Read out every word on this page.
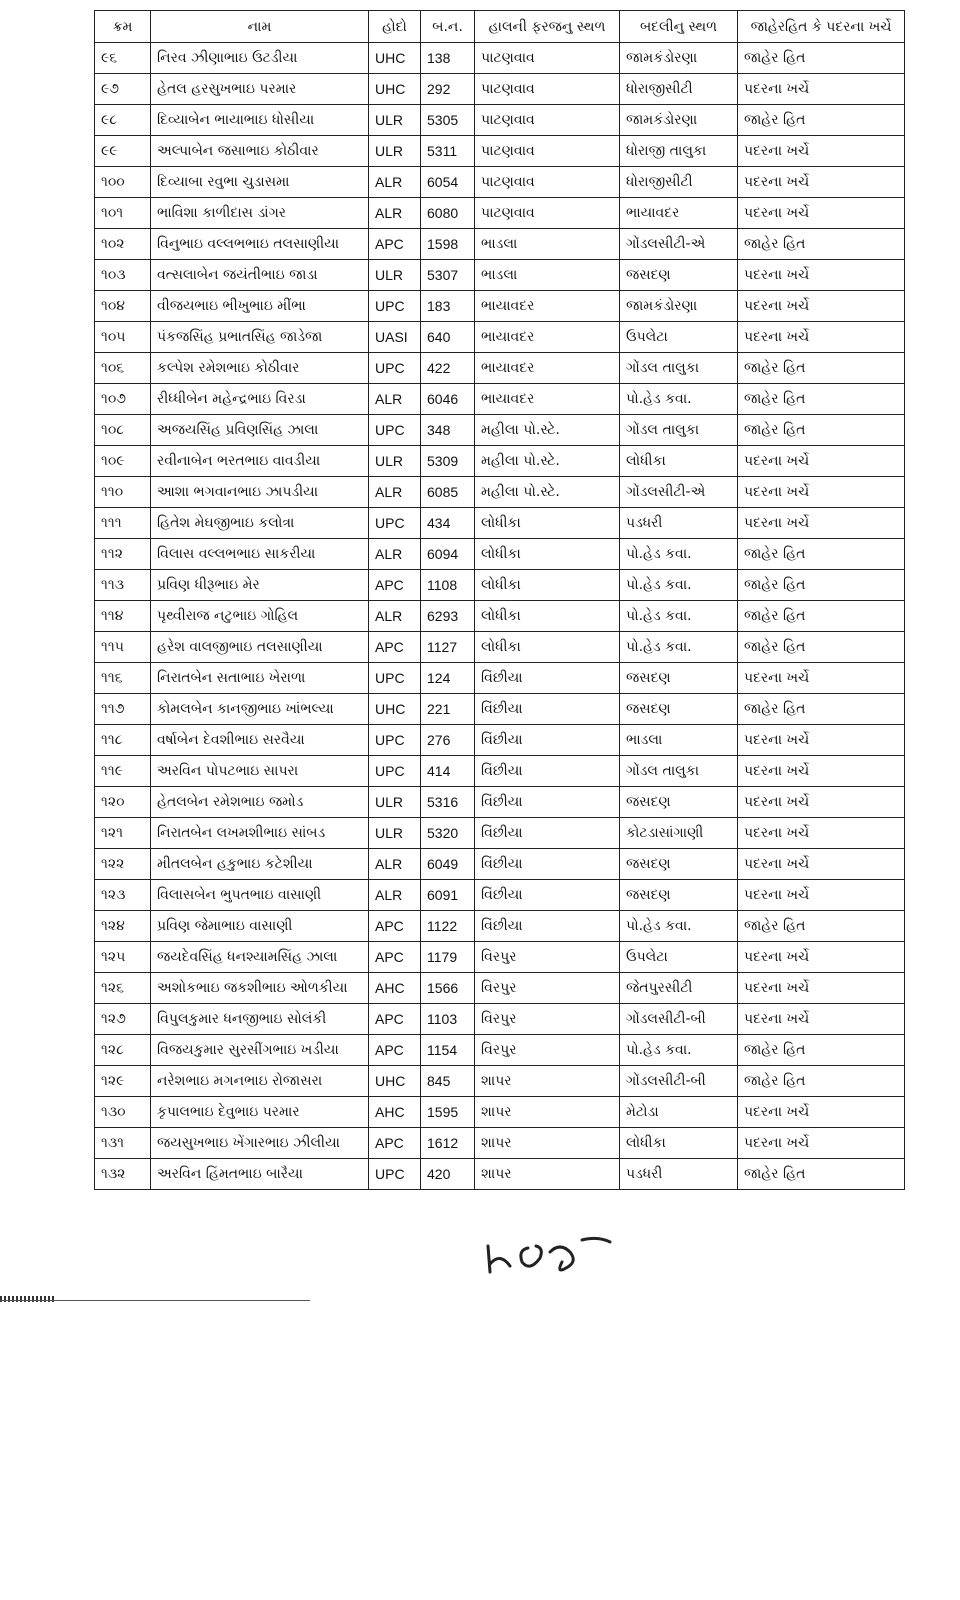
ક્રમ	નામ	હોદો	બ.ન.	હાલની ફરજનુ સ્થળ	બદલીનુ સ્થળ	જાહેરહિત કે પદરના ખર્ચે
૯૬	નિરવ ઝીણાભાઇ ઉટડીયા	UHC	138	પાટણવાવ	જામકંડોરણા	જાહેર હિત
૯૭	હેતલ હરસુખભાઇ પરમાર	UHC	292	પાટણવાવ	ધોરાજીસીટી	પદરના ખર્ચે
૯૮	દિવ્યાબેન ભાયાભાઇ ધોસીયા	ULR	5305	પાટણવાવ	જામકંડોરણા	જાહેર હિત
૯૯	અલ્પાબેન જસાભાઇ કોઠીવાર	ULR	5311	પાટણવાવ	ધોરાજી તાલુકા	પદરના ખર્ચે
૧૦૦	દિવ્યાબા રવુભા ચુડાસમા	ALR	6054	પાટણવાવ	ધોરાજીસીટી	પદરના ખર્ચે
૧૦૧	ભાવિશા કાળીદાસ ડાંગર	ALR	6080	પાટણવાવ	ભાયાવદર	પદરના ખર્ચે
૧૦૨	વિનુભાઇ વલ્લભભાઇ તલસાણીયા	APC	1598	ભાડલા	ગોંડલસીટી-એ	જાહેર હિત
૧૦૩	વત્સલાબેન જયંતીભાઇ જાડા	ULR	5307	ભાડલા	જસદણ	પદરના ખર્ચે
૧૦૪	વીજયભાઇ ભીખુભાઇ મીંભા	UPC	183	ભાયાવદર	જામકંડોરણા	પદરના ખર્ચે
૧૦૫	પંકજસિંહ પ્રભાતસિંહ જાડેજા	UASI	640	ભાયાવદર	ઉપલેટા	પદરના ખર્ચે
૧૦૬	કલ્પેશ રમેશભાઇ કોઠીવાર	UPC	422	ભાયાવદર	ગોંડલ તાલુકા	જાહેર હિત
૧૦૭	રીધ્ધીબેન મહેન્દ્રભાઇ વિરડા	ALR	6046	ભાયાવદર	પો.હેડ કવા.	જાહેર હિત
૧૦૮	અજયસિંહ પ્રવિણસિંહ ઝાલા	UPC	348	મહીલા પો.સ્ટે.	ગોંડલ તાલુકા	જાહેર હિત
૧૦૯	રવીનાબેન ભરતભાઇ વાવડીયા	ULR	5309	મહીલા પો.સ્ટે.	લોધીકા	પદરના ખર્ચે
૧૧૦	આશા ભગવાનભાઇ ઝાપડીયા	ALR	6085	મહીલા પો.સ્ટે.	ગોંડલસીટી-એ	પદરના ખર્ચે
૧૧૧	હિતેશ મેઘજીભાઇ કલોત્રા	UPC	434	લોધીકા	પડધરી	પદરના ખર્ચે
૧૧૨	વિલાસ વલ્લભભાઇ સાકરીયા	ALR	6094	લોધીકા	પો.હેડ કવા.	જાહેર હિત
૧૧૩	પ્રવિણ ધીરૂભાઇ મેર	APC	1108	લોધીકા	પો.હેડ કવા.	જાહેર હિત
૧૧૪	પૃથ્વીરાજ નટુભાઇ ગોહિલ	ALR	6293	લોધીકા	પો.હેડ કવા.	જાહેર હિત
૧૧૫	હરેશ વાલજીભાઇ તલસાણીયા	APC	1127	લોધીકા	પો.હેડ કવા.	જાહેર હિત
૧૧૬	નિરાતબેન સતાભાઇ ખેરાળા	UPC	124	વિંછીયા	જસદણ	પદરના ખર્ચે
૧૧૭	કોમલબેન કાનજીભાઇ ખાંભલ્યા	UHC	221	વિંછીયા	જસદણ	જાહેર હિત
૧૧૮	વર્ષાબેન દેવશીભાઇ સરવૈયા	UPC	276	વિંછીયા	ભાડલા	પદરના ખર્ચે
૧૧૯	અરવિન પોપટભાઇ સાપરા	UPC	414	વિંછીયા	ગોંડલ તાલુકા	પદરના ખર્ચે
૧૨૦	હેતલબેન રમેશભાઇ જમોડ	ULR	5316	વિંછીયા	જસદણ	પદરના ખર્ચે
૧૨૧	નિરાતબેન લખમશીભાઇ સાંબડ	ULR	5320	વિંછીયા	કોટડાસાંગાણી	પદરના ખર્ચે
૧૨૨	મીતલબેન હકુભાઇ કટેશીયા	ALR	6049	વિંછીયા	જસદણ	પદરના ખર્ચે
૧૨૩	વિલાસબેન ભુપતભાઇ વાસાણી	ALR	6091	વિંછીયા	જસદણ	પદરના ખર્ચે
૧૨૪	પ્રવિણ જેમાભાઇ વાસાણી	APC	1122	વિંછીયા	પો.હેડ કવા.	જાહેર હિત
૧૨૫	જયદેવસિંહ ધનશ્યામસિંહ ઝાલા	APC	1179	વિરપુર	ઉપલેટા	પદરના ખર્ચે
૧૨૬	અશોકભાઇ જકશીભાઇ ઓળકીયા	AHC	1566	વિરપુર	જેતપુરસીટી	પદરના ખર્ચે
૧૨૭	વિપુલકુમાર ધનજીભાઇ સોલંકી	APC	1103	વિરપુર	ગોંડલસીટી-બી	પદરના ખર્ચે
૧૨૮	વિજયકુમાર સુરસીંગભાઇ ખડીયા	APC	1154	વિરપુર	પો.હેડ કવા.	જાહેર હિત
૧૨૯	નરેશભાઇ મગનભાઇ રોજાસરા	UHC	845	શાપર	ગોંડલસીટી-બી	જાહેર હિત
૧૩૦	કૃપાલભાઇ દેવુભાઇ પરમાર	AHC	1595	શાપર	મેટોડા	પદરના ખર્ચે
૧૩૧	જયસુખભાઇ ખેંગારભાઇ ઝીલીયા	APC	1612	શાપર	લોધીકા	પદરના ખર્ચે
૧૩૨	અરવિન હિંમતભાઇ બારૈયા	UPC	420	શાપર	પડધરી	જાહેર હિત
